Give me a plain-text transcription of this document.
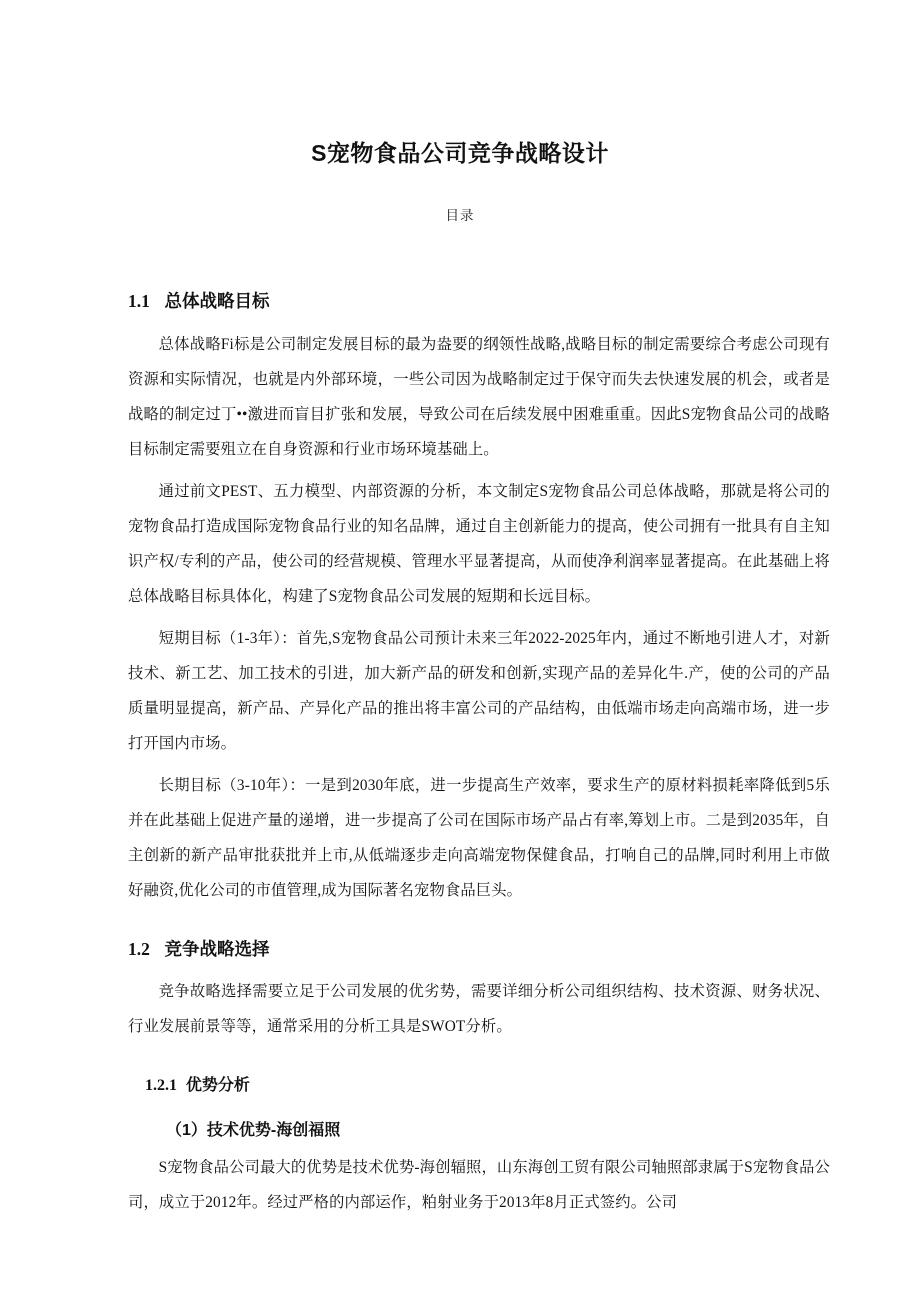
S宠物食品公司竞争战略设计
目录
1.1 总体战略目标

总体战略Fi标是公司制定发展目标的最为盎要的纲领性战略,战略目标的制定需要综合考虑公司现有资源和实际情况，也就是内外部环境，一些公司因为战略制定过于保守而失去快速发展的机会，或者是战略的制定过丁••激进而盲目扩张和发展，导致公司在后续发展中困难重重。因此S宠物食品公司的战略目标制定需要殂立在自身资源和行业市场环境基础上。

通过前文PEST、五力模型、内部资源的分析，本文制定S宠物食品公司总体战略，那就是将公司的宠物食品打造成国际宠物食品行业的知名品牌，通过自主创新能力的提高，使公司拥有一批具有自主知识产权/专利的产品，使公司的经营规模、管理水平显著提高，从而使净利润率显著提高。在此基础上将总体战略目标具体化，构建了S宠物食品公司发展的短期和长远目标。

短期目标（1-3年）：首先,S宠物食品公司预计未来三年2022-2025年内，通过不断地引进人才，对新技术、新工艺、加工技术的引进，加大新产品的研发和创新,实现产品的差异化牛.产，使的公司的产品质量明显提高，新产品、产异化产品的推出将丰富公司的产品结构，由低端市场走向高端市场，进一步打开国内市场。

长期目标（3-10年）：一是到2030年底，进一步提高生产效率，要求生产的原材料损耗率降低到5乐并在此基础上促进产量的递增，进一步提高了公司在国际市场产品占有率,筹划上市。二是到2035年，自主创新的新产品审批获批并上市,从低端逐步走向高端宠物保健食品，打响自己的品牌,同时利用上市做好融资,优化公司的市值管理,成为国际著名宠物食品巨头。

1.2 竞争战略选择

竞争故略选择需要立足于公司发展的优劣势，需要详细分析公司组织结构、技术资源、财务状况、行业发展前景等等，通常采用的分析工具是SWOT分析。

1.2.1 优势分析
（1）技术优势-海创福照

S宠物食品公司最大的优势是技术优势-海创辐照，山东海创工贸有限公司轴照部隶属于S宠物食品公司，成立于2012年。经过严格的内部运作，粕射业务于2013年8月正式签约。公司
